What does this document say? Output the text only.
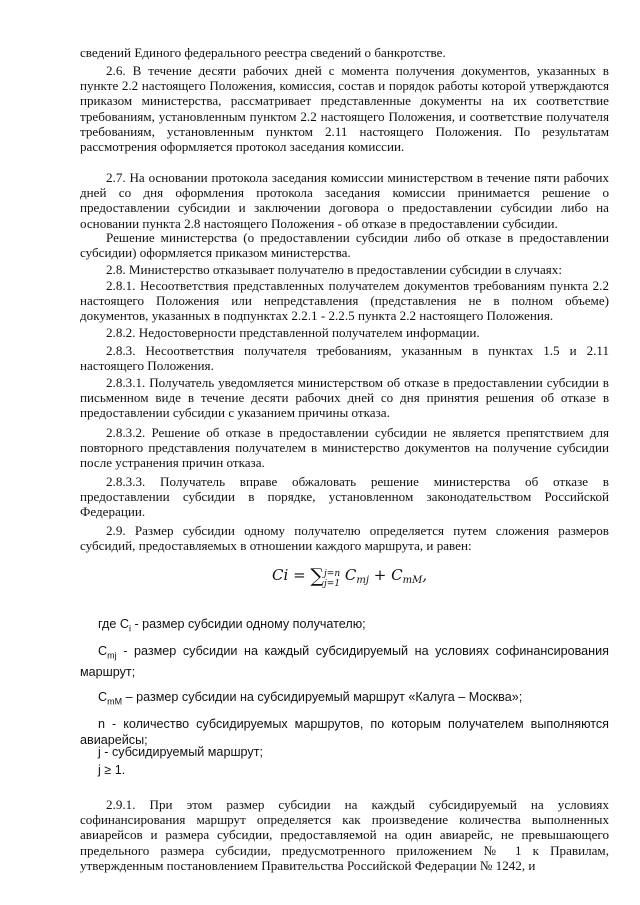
сведений Единого федерального реестра сведений о банкротстве.

2.6. В течение десяти рабочих дней с момента получения документов, указанных в пункте 2.2 настоящего Положения, комиссия, состав и порядок работы которой утверждаются приказом министерства, рассматривает представленные документы на их соответствие требованиям, установленным пунктом 2.2 настоящего Положения, и соответствие получателя требованиям, установленным пунктом 2.11 настоящего Положения. По результатам рассмотрения оформляется протокол заседания комиссии.

2.7. На основании протокола заседания комиссии министерством в течение пяти рабочих дней со дня оформления протокола заседания комиссии принимается решение о предоставлении субсидии и заключении договора о предоставлении субсидии либо на основании пункта 2.8 настоящего Положения - об отказе в предоставлении субсидии.

Решение министерства (о предоставлении субсидии либо об отказе в предоставлении субсидии) оформляется приказом министерства.

2.8. Министерство отказывает получателю в предоставлении субсидии в случаях:

2.8.1. Несоответствия представленных получателем документов требованиям пункта 2.2 настоящего Положения или непредставления (представления не в полном объеме) документов, указанных в подпунктах 2.2.1 - 2.2.5 пункта 2.2 настоящего Положения.

2.8.2. Недостоверности представленной получателем информации.

2.8.3. Несоответствия получателя требованиям, указанным в пунктах 1.5 и 2.11 настоящего Положения.

2.8.3.1. Получатель уведомляется министерством об отказе в предоставлении субсидии в письменном виде в течение десяти рабочих дней со дня принятия решения об отказе в предоставлении субсидии с указанием причины отказа.

2.8.3.2. Решение об отказе в предоставлении субсидии не является препятствием для повторного представления получателем в министерство документов на получение субсидии после устранения причин отказа.

2.8.3.3. Получатель вправе обжаловать решение министерства об отказе в предоставлении субсидии в порядке, установленном законодательством Российской Федерации.

2.9. Размер субсидии одному получателю определяется путем сложения размеров субсидий, предоставляемых в отношении каждого маршрута, и равен:

Ci = ∑j=n
j=1 $C_{mj} + C_{mM}$,
где $C_i$ - размер субсидии одному получателю;
$C_{mj}$ - размер субсидии на каждый субсидируемый на условиях софинансирования маршрут;
$C_{mM}$ – размер субсидии на субсидируемый маршрут «Калуга – Москва»;
n - количество субсидируемых маршрутов, по которым получателем выполняются авиарейсы;
j - субсидируемый маршрут;
j ≥ 1.

2.9.1. При этом размер субсидии на каждый субсидируемый на условиях софинансирования маршрут определяется как произведение количества выполненных авиарейсов и размера субсидии, предоставляемой на один авиарейс, не превышающего предельного размера субсидии, предусмотренного приложением № 1 к Правилам, утвержденным постановлением Правительства Российской Федерации № 1242, и
